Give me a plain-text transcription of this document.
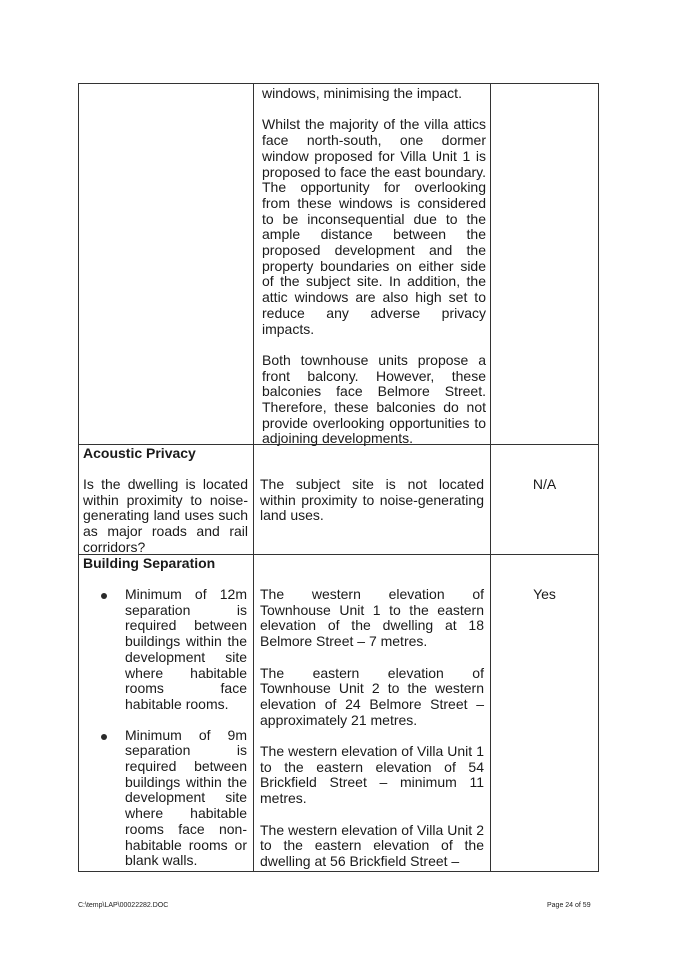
windows, minimising the impact.

Whilst the majority of the villa attics face north-south, one dormer window proposed for Villa Unit 1 is proposed to face the east boundary. The opportunity for overlooking from these windows is considered to be inconsequential due to the ample distance between the proposed development and the property boundaries on either side of the subject site. In addition, the attic windows are also high set to reduce any adverse privacy impacts.

Both townhouse units propose a front balcony. However, these balconies face Belmore Street. Therefore, these balconies do not provide overlooking opportunities to adjoining developments.

Acoustic Privacy
Is the dwelling is located within proximity to noise-generating land uses such as major roads and rail corridors?
The subject site is not located within proximity to noise-generating land uses.
N/A
Building Separation
Minimum of 12m separation is required between buildings within the development site where habitable rooms face habitable rooms.
Minimum of 9m separation is required between buildings within the development site where habitable rooms face non-habitable rooms or blank walls.

The western elevation of Townhouse Unit 1 to the eastern elevation of the dwelling at 18 Belmore Street – 7 metres.

The eastern elevation of Townhouse Unit 2 to the western elevation of 24 Belmore Street – approximately 21 metres.

The western elevation of Villa Unit 1 to the eastern elevation of 54 Brickfield Street – minimum 11 metres.

The western elevation of Villa Unit 2 to the eastern elevation of the dwelling at 56 Brickfield Street –

Yes
C:\temp\LAP\00022282.DOC	Page 24 of 59
